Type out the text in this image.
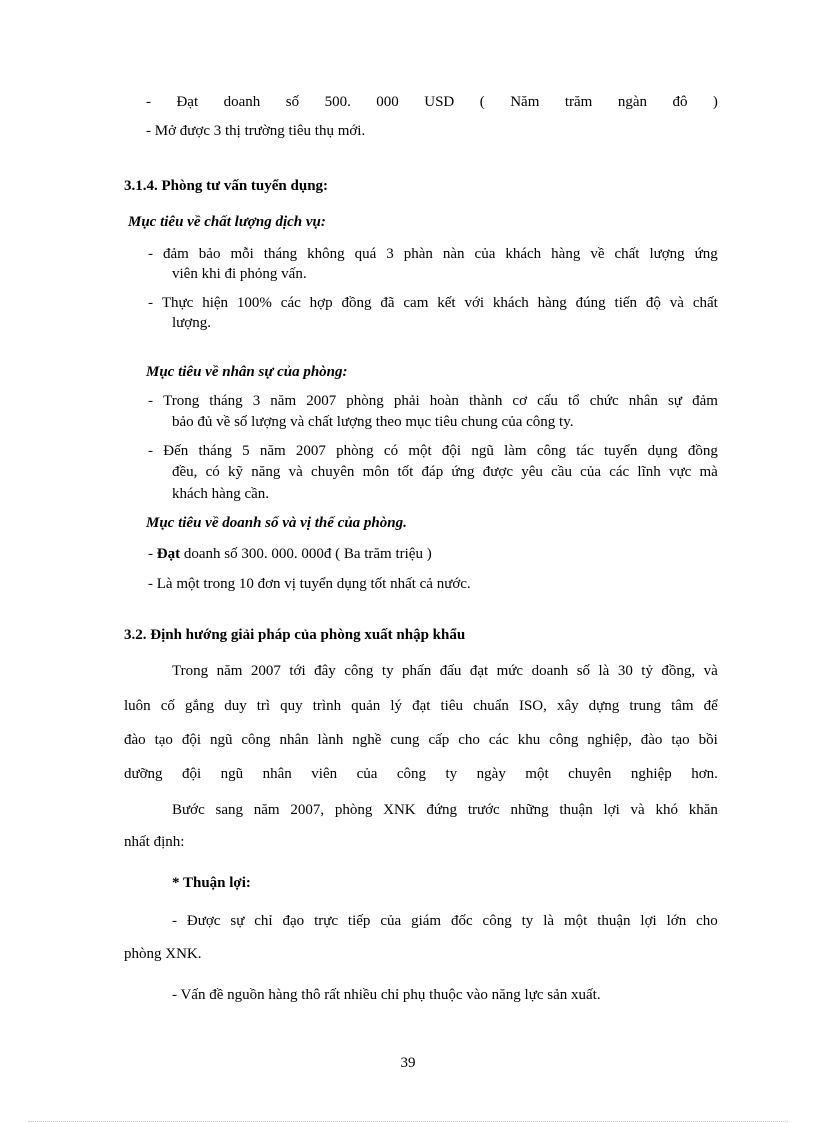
- Đạt doanh số 500. 000 USD ( Năm trăm ngàn đô )
- Mở được 3 thị trường tiêu thụ mới.
3.1.4. Phòng tư vấn tuyển dụng:
Mục tiêu về chất lượng dịch vụ:
- đảm bảo mỗi tháng không quá 3 phàn nàn của khách hàng về chất lượng ứng
viên khi đi phỏng vấn.
- Thực hiện 100% các hợp đồng đã cam kết với khách hàng đúng tiến độ và chất
lượng.
Mục tiêu về nhân sự của phòng:
- Trong tháng 3 năm 2007 phòng phải hoàn thành cơ cấu tổ chức nhân sự đảm
bảo đủ về số lượng và chất lượng theo mục tiêu chung của công ty.
- Đến tháng 5 năm 2007 phòng có một đội ngũ làm công tác tuyển dụng đồng
đều, có kỹ năng và chuyên môn tốt đáp ứng được yêu cầu của các lĩnh vực mà
khách hàng cần.
Mục tiêu về doanh số và vị thế của phòng.
- Đạt doanh số 300. 000. 000đ ( Ba trăm triệu )
- Là một trong 10 đơn vị tuyển dụng tốt nhất cả nước.
3.2. Định hướng giải pháp của phòng xuất nhập khẩu
Trong năm 2007 tới đây công ty phấn đấu đạt mức doanh số là 30 tỷ đồng, và
luôn cố gắng duy trì quy trình quản lý đạt tiêu chuẩn ISO, xây dựng trung tâm để
đào tạo đội ngũ công nhân lành nghề cung cấp cho các khu công nghiệp, đào tạo bồi
dưỡng đội ngũ nhân viên của công ty ngày một chuyên nghiệp hơn.
Bước sang năm 2007, phòng XNK đứng trước những thuận lợi và khó khăn
nhất định:
* Thuận lợi:
- Được sự chỉ đạo trực tiếp của giám đốc công ty là một thuận lợi lớn cho
phòng XNK.
- Vấn đề nguồn hàng thô rất nhiều chỉ phụ thuộc vào năng lực sản xuất.
39
